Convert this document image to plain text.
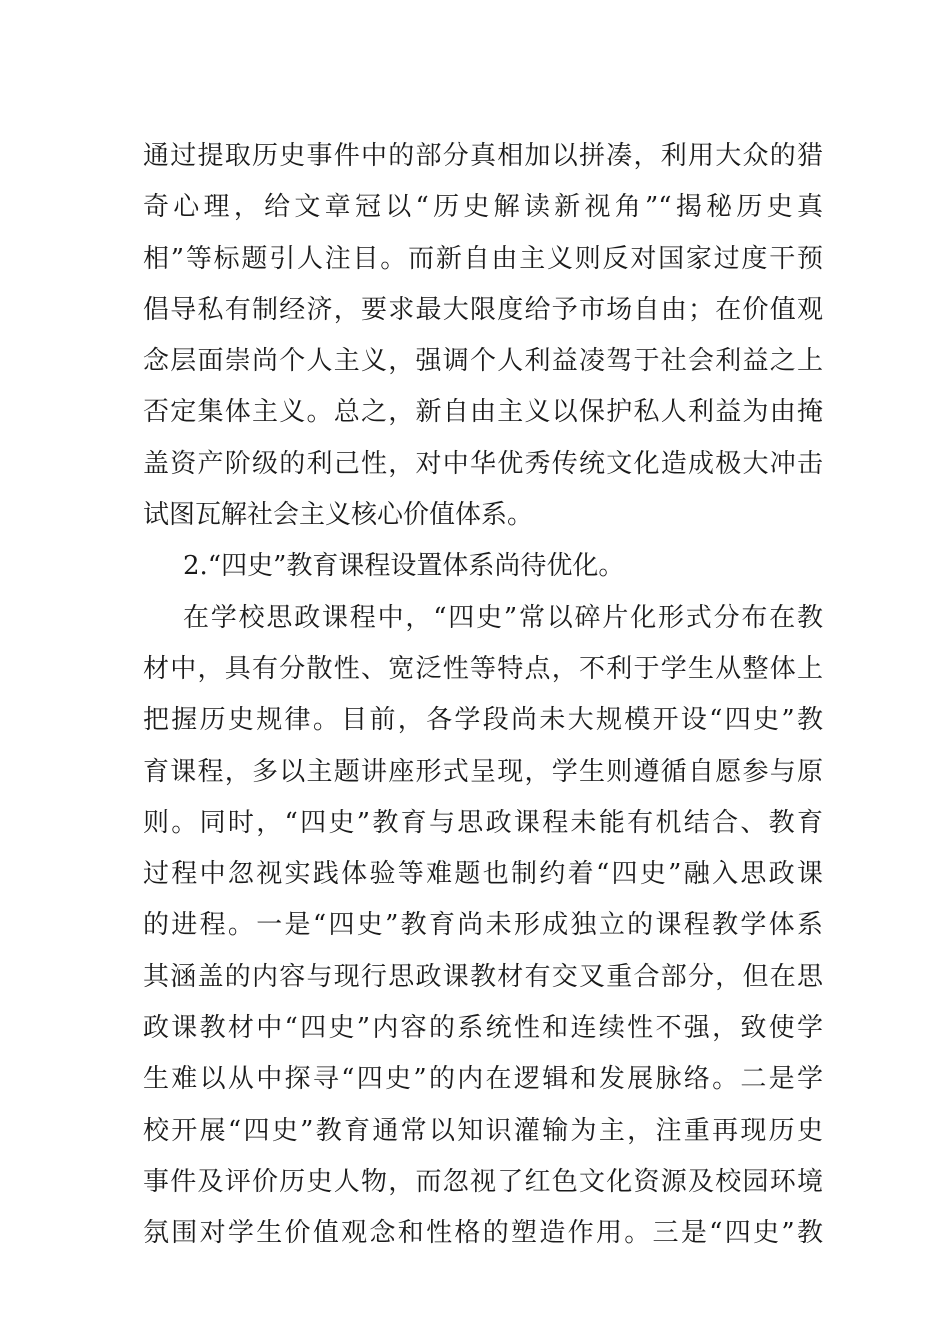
通过提取历史事件中的部分真相加以拼凑，利用大众的猎
奇心理，给文章冠以“历史解读新视角”“揭秘历史真
相”等标题引人注目。而新自由主义则反对国家过度干预
倡导私有制经济，要求最大限度给予市场自由；在价值观
念层面崇尚个人主义，强调个人利益凌驾于社会利益之上
否定集体主义。总之，新自由主义以保护私人利益为由掩
盖资产阶级的利己性，对中华优秀传统文化造成极大冲击
试图瓦解社会主义核心价值体系。
2.“四史”教育课程设置体系尚待优化。
在学校思政课程中，“四史”常以碎片化形式分布在教
材中，具有分散性、宽泛性等特点，不利于学生从整体上
把握历史规律。目前，各学段尚未大规模开设“四史”教
育课程，多以主题讲座形式呈现，学生则遵循自愿参与原
则。同时，“四史”教育与思政课程未能有机结合、教育
过程中忽视实践体验等难题也制约着“四史”融入思政课
的进程。一是“四史”教育尚未形成独立的课程教学体系
其涵盖的内容与现行思政课教材有交叉重合部分，但在思
政课教材中“四史”内容的系统性和连续性不强，致使学
生难以从中探寻“四史”的内在逻辑和发展脉络。二是学
校开展“四史”教育通常以知识灌输为主，注重再现历史
事件及评价历史人物，而忽视了红色文化资源及校园环境
氛围对学生价值观念和性格的塑造作用。三是“四史”教
